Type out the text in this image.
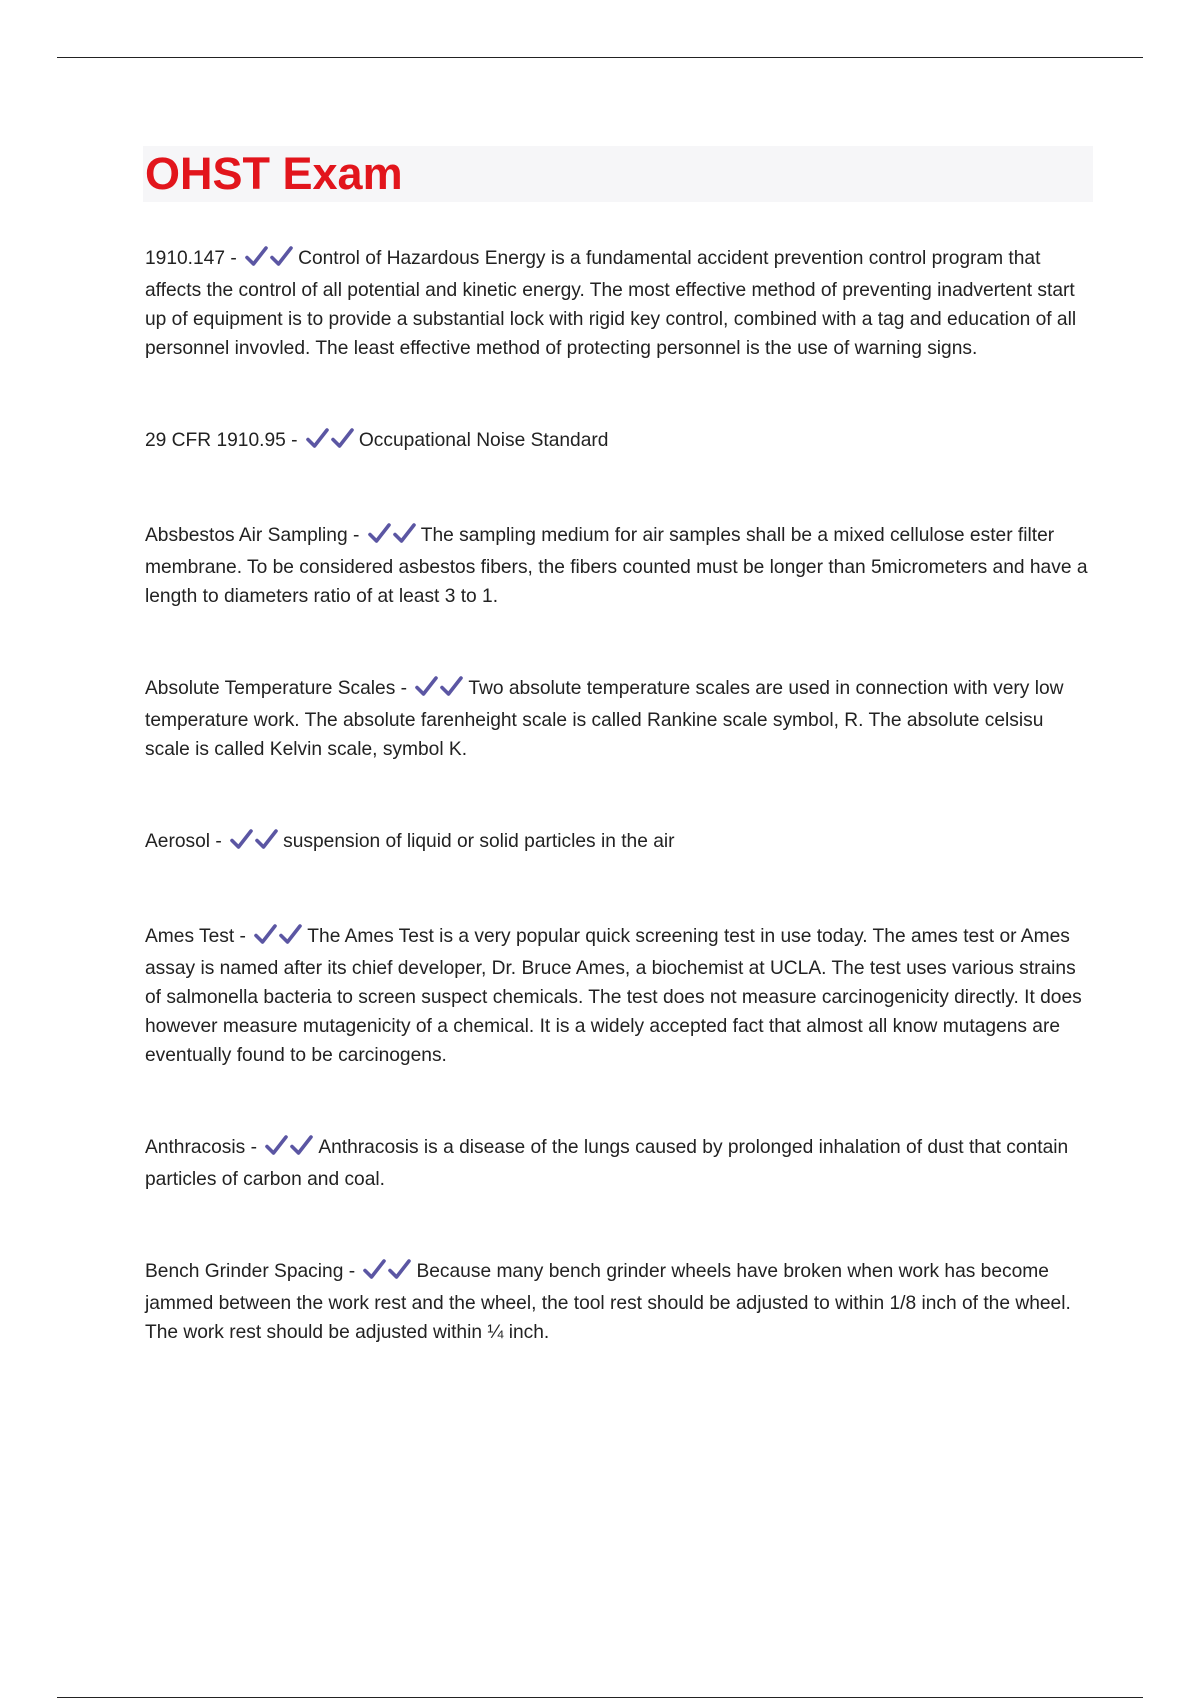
OHST Exam

1910.147 -	Control of Hazardous Energy is a fundamental accident prevention control program that affects the control of all potential and kinetic energy. The most effective method of preventing inadvertent start up of equipment is to provide a substantial lock with rigid key control, combined with a tag and education of all personnel invovled. The least effective method of protecting personnel is the use of warning signs.

29 CFR 1910.95 -	Occupational Noise Standard

Absbestos Air Sampling -	The sampling medium for air samples shall be a mixed cellulose ester filter membrane. To be considered asbestos fibers, the fibers counted must be longer than 5micrometers and have a length to diameters ratio of at least 3 to 1.

Absolute Temperature Scales -	Two absolute temperature scales are used in connection with very low temperature work. The absolute farenheight scale is called Rankine scale symbol, R. The absolute celsisu scale is called Kelvin scale, symbol K.

Aerosol -	suspension of liquid or solid particles in the air

Ames Test -	The Ames Test is a very popular quick screening test in use today. The ames test or Ames assay is named after its chief developer, Dr. Bruce Ames, a biochemist at UCLA. The test uses various strains of salmonella bacteria to screen suspect chemicals. The test does not measure carcinogenicity directly. It does however measure mutagenicity of a chemical. It is a widely accepted fact that almost all know mutagens are eventually found to be carcinogens.

Anthracosis -	Anthracosis is a disease of the lungs caused by prolonged inhalation of dust that contain particles of carbon and coal.

Bench Grinder Spacing -	Because many bench grinder wheels have broken when work has become jammed between the work rest and the wheel, the tool rest should be adjusted to within 1/8 inch of the wheel. The work rest should be adjusted within ¼ inch.
